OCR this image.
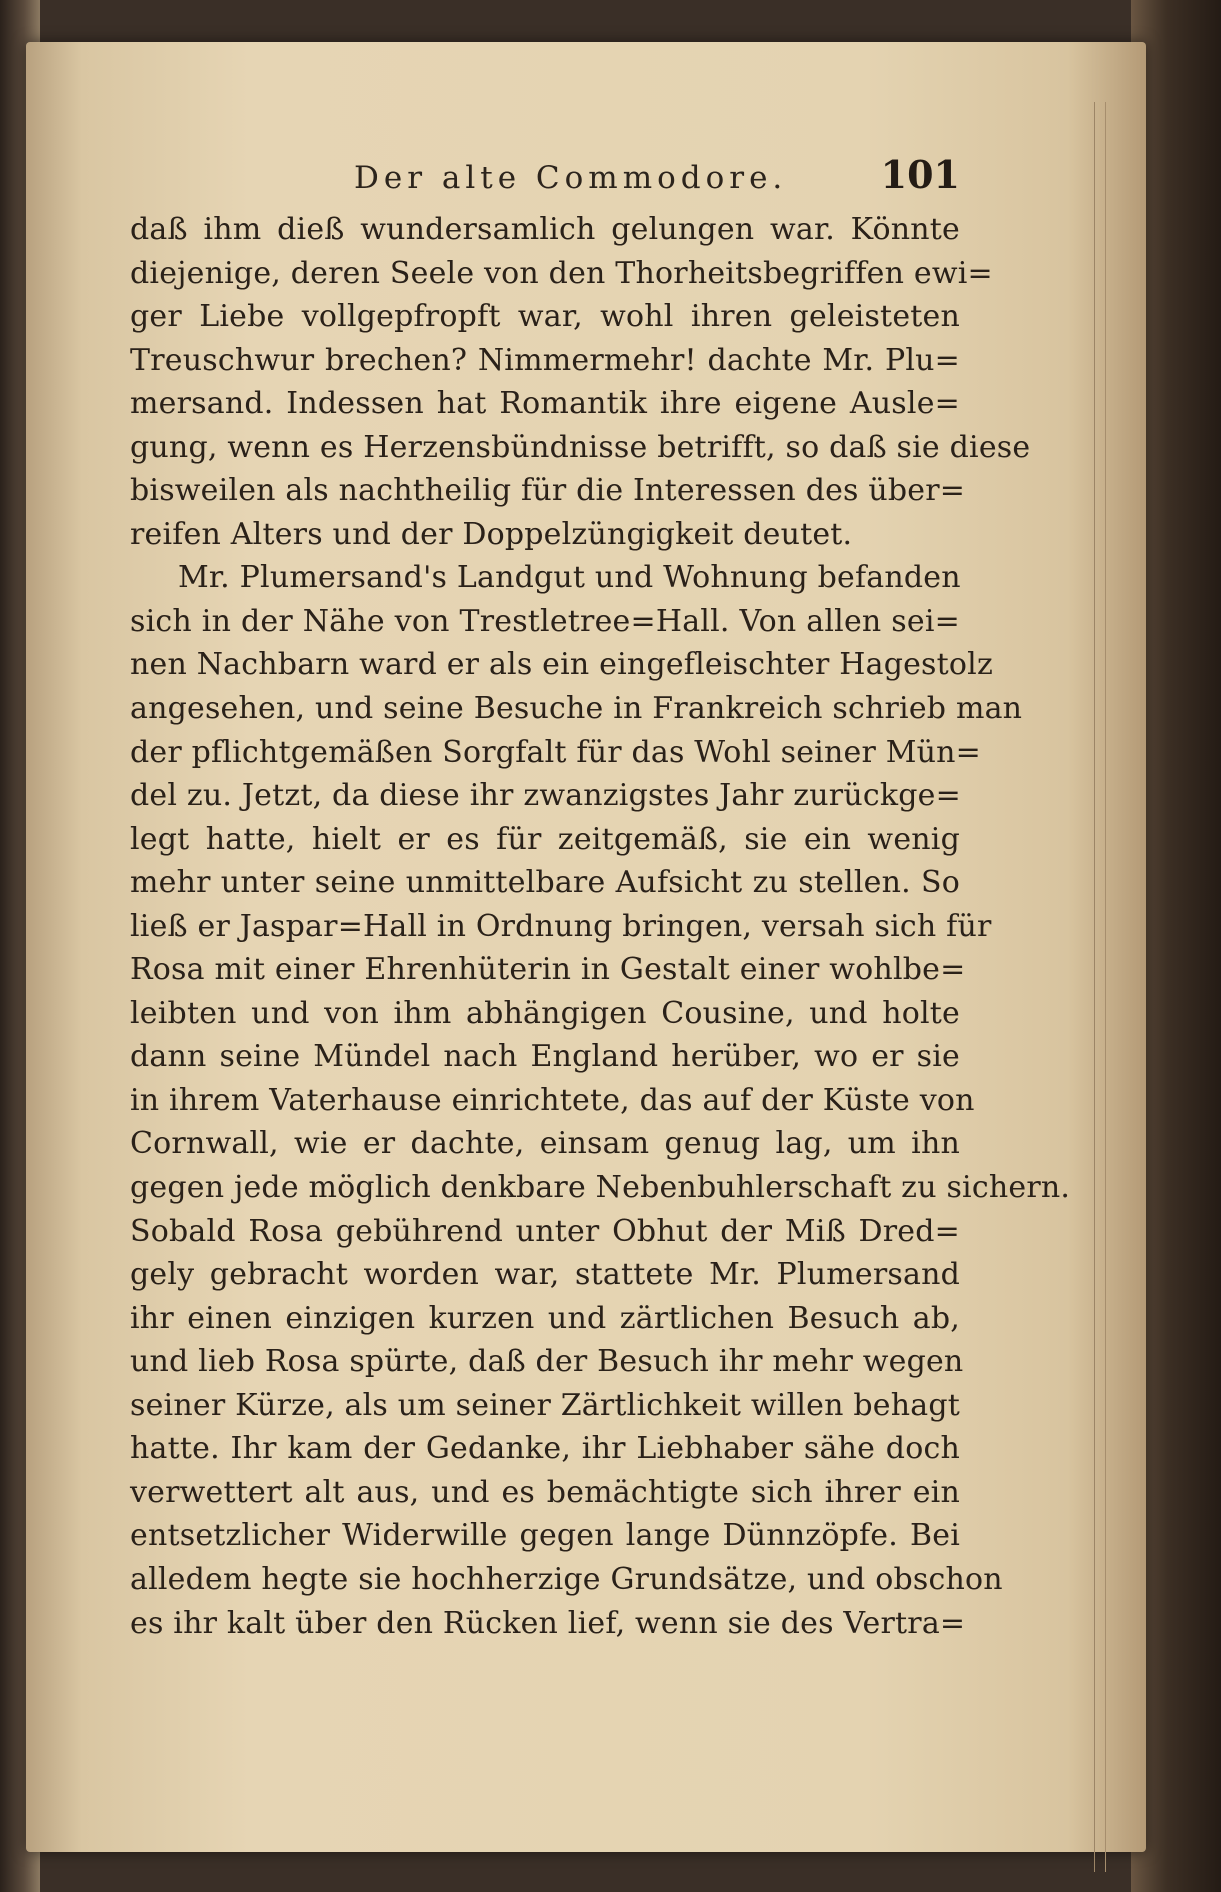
Der alte Commodore. 101
daß ihm dieß wundersamlich gelungen war. Könnte
diejenige, deren Seele von den Thorheitsbegriffen ewi=
ger Liebe vollgepfropft war, wohl ihren geleisteten
Treuschwur brechen? Nimmermehr! dachte Mr. Plu=
mersand. Indessen hat Romantik ihre eigene Ausle=
gung, wenn es Herzensbündnisse betrifft, so daß sie diese
bisweilen als nachtheilig für die Interessen des über=
reifen Alters und der Doppelzüngigkeit deutet.
Mr. Plumersand's Landgut und Wohnung befanden
sich in der Nähe von Trestletree=Hall. Von allen sei=
nen Nachbarn ward er als ein eingefleischter Hagestolz
angesehen, und seine Besuche in Frankreich schrieb man
der pflichtgemäßen Sorgfalt für das Wohl seiner Mün=
del zu. Jetzt, da diese ihr zwanzigstes Jahr zurückge=
legt hatte, hielt er es für zeitgemäß, sie ein wenig
mehr unter seine unmittelbare Aufsicht zu stellen. So
ließ er Jaspar=Hall in Ordnung bringen, versah sich für
Rosa mit einer Ehrenhüterin in Gestalt einer wohlbe=
leibten und von ihm abhängigen Cousine, und holte
dann seine Mündel nach England herüber, wo er sie
in ihrem Vaterhause einrichtete, das auf der Küste von
Cornwall, wie er dachte, einsam genug lag, um ihn
gegen jede möglich denkbare Nebenbuhlerschaft zu sichern.
Sobald Rosa gebührend unter Obhut der Miß Dred=
gely gebracht worden war, stattete Mr. Plumersand
ihr einen einzigen kurzen und zärtlichen Besuch ab,
und lieb Rosa spürte, daß der Besuch ihr mehr wegen
seiner Kürze, als um seiner Zärtlichkeit willen behagt
hatte. Ihr kam der Gedanke, ihr Liebhaber sähe doch
verwettert alt aus, und es bemächtigte sich ihrer ein
entsetzlicher Widerwille gegen lange Dünnzöpfe. Bei
alledem hegte sie hochherzige Grundsätze, und obschon
es ihr kalt über den Rücken lief, wenn sie des Vertra=
